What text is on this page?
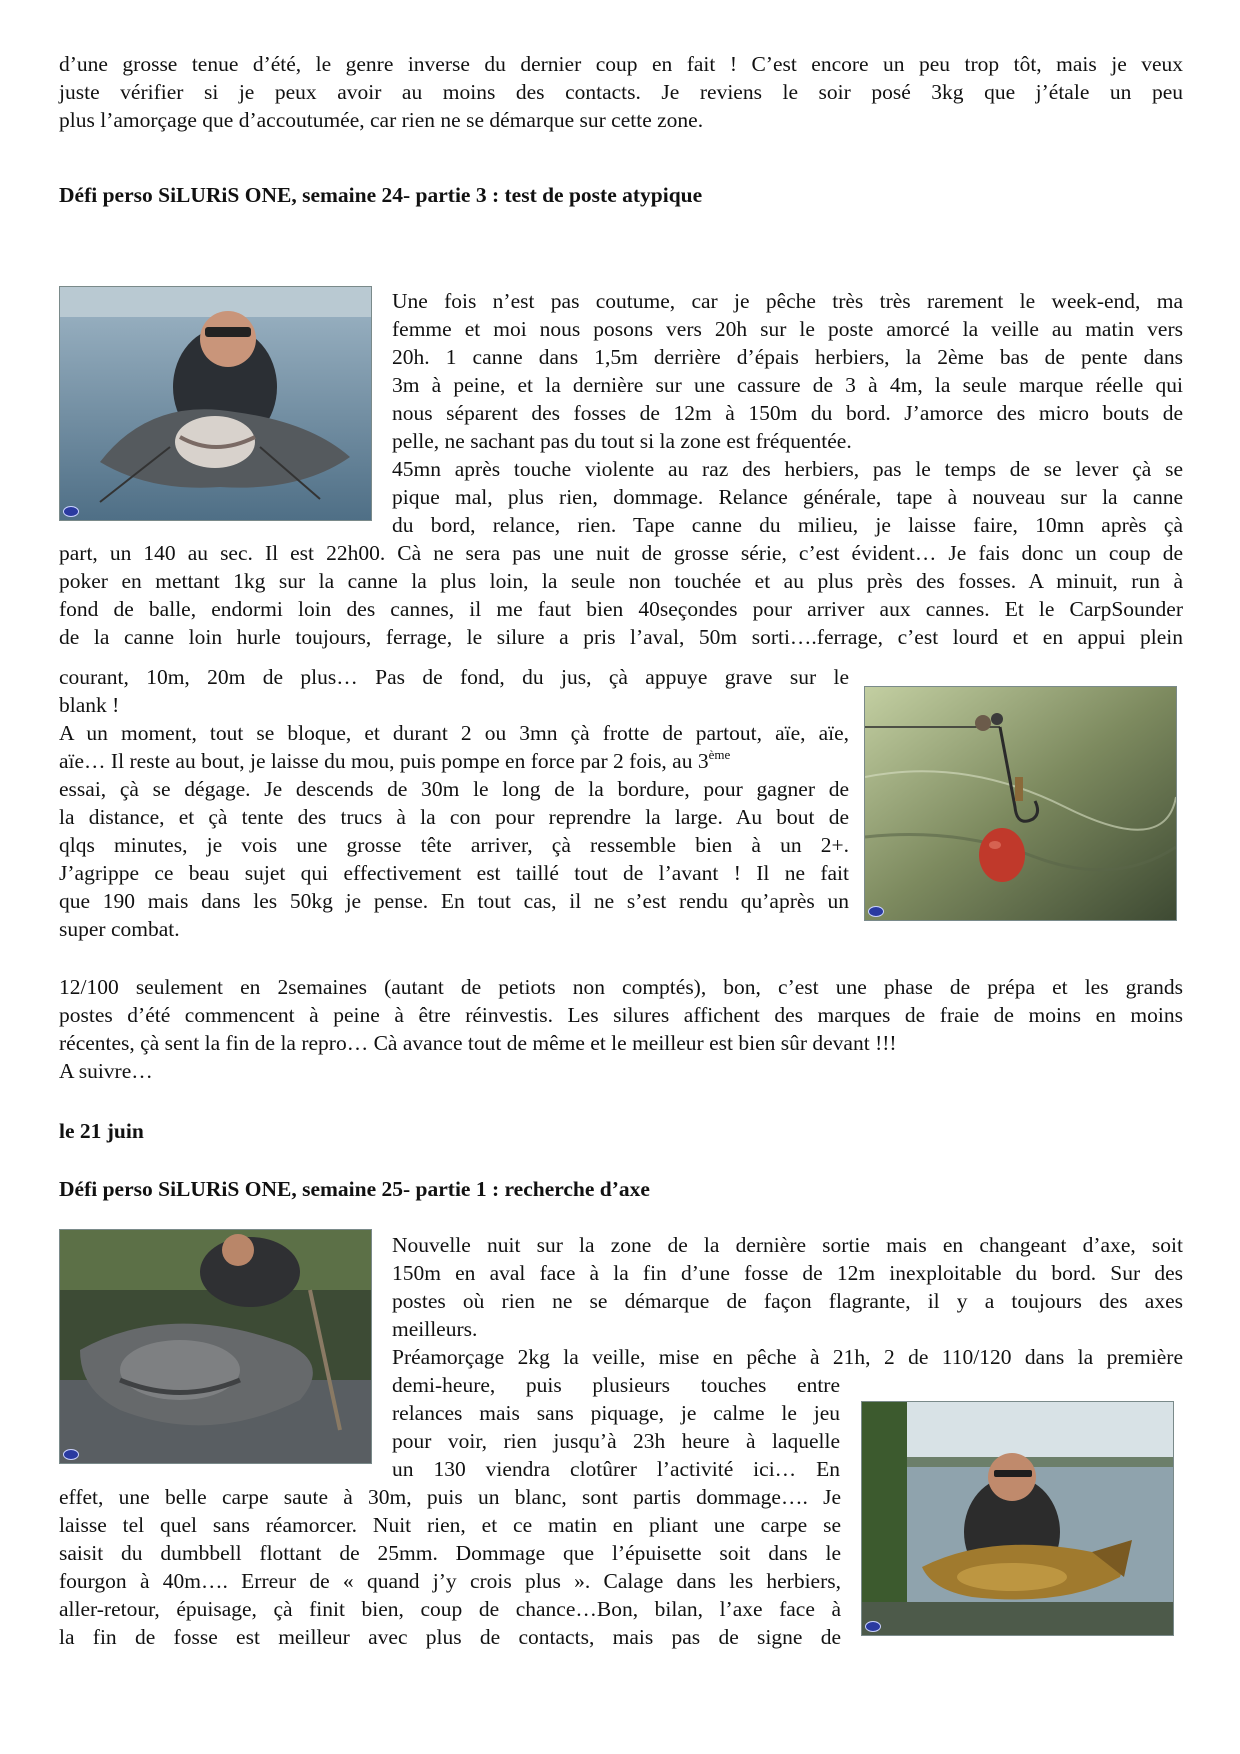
d’une grosse tenue d’été, le genre inverse du dernier coup en fait ! C’est encore un peu trop tôt, mais je veux
juste vérifier si je peux avoir au moins des contacts. Je reviens le soir posé 3kg que j’étale un peu
plus l’amorçage que d’accoutumée, car rien ne se démarque sur cette zone.
Défi perso SiLURiS ONE, semaine 24- partie 3 : test de poste atypique
Une fois n’est pas coutume, car je pêche très très rarement le week-end, ma
femme et moi nous posons vers 20h sur le poste amorcé la veille au matin vers
20h. 1 canne dans 1,5m derrière d’épais herbiers, la 2ème bas de pente dans
3m à peine, et la dernière sur une cassure de 3 à 4m, la seule marque réelle qui
nous séparent des fosses de 12m à 150m du bord. J’amorce des micro bouts de
pelle, ne sachant pas du tout si la zone est fréquentée.
45mn après touche violente au raz des herbiers, pas le temps de se lever çà se
pique mal, plus rien, dommage. Relance générale, tape à nouveau sur la canne
du bord, relance, rien. Tape canne du milieu, je laisse faire, 10mn après çà
part, un 140 au sec. Il est 22h00. Cà ne sera pas une nuit de grosse série, c’est évident… Je fais donc un coup de
poker en mettant 1kg sur la canne la plus loin, la seule non touchée et au plus près des fosses. A minuit, run à
fond de balle, endormi loin des cannes, il me faut bien 40seçondes pour arriver aux cannes. Et le CarpSounder
de la canne loin hurle toujours, ferrage, le silure a pris l’aval, 50m sorti….ferrage, c’est lourd et en appui plein
courant, 10m, 20m de plus… Pas de fond, du jus, çà appuye grave sur le
blank !
A un moment, tout se bloque, et durant 2 ou 3mn çà frotte de partout, aïe, aïe,
aïe… Il reste au bout, je laisse du mou, puis pompe en force par 2 fois, au 3ème
essai, çà se dégage. Je descends de 30m le long de la bordure, pour gagner de
la distance, et çà tente des trucs à la con pour reprendre la large. Au bout de
qlqs minutes, je vois une grosse tête arriver, çà ressemble bien à un 2+.
J’agrippe ce beau sujet qui effectivement est taillé tout de l’avant ! Il ne fait
que 190 mais dans les 50kg je pense. En tout cas, il ne s’est rendu qu’après un
super combat.
12/100 seulement en 2semaines (autant de petiots non comptés), bon, c’est une phase de prépa et les grands
postes d’été commencent à peine à être réinvestis. Les silures affichent des marques de fraie de moins en moins
récentes, çà sent la fin de la repro… Cà avance tout de même et le meilleur est bien sûr devant !!!
A suivre…
le 21 juin
Défi perso SiLURiS ONE, semaine 25- partie 1 : recherche d’axe
Nouvelle nuit sur la zone de la dernière sortie mais en changeant d’axe, soit
150m en aval face à la fin d’une fosse de 12m inexploitable du bord. Sur des
postes où rien ne se démarque de façon flagrante, il y a toujours des axes
meilleurs.
Préamorçage 2kg la veille, mise en pêche à 21h, 2 de 110/120 dans la première
demi-heure, puis plusieurs touches entre
relances mais sans piquage, je calme le jeu
pour voir, rien jusqu’à 23h heure à laquelle
un 130 viendra clotûrer l’activité ici… En
effet, une belle carpe saute à 30m, puis un blanc, sont partis dommage…. Je
laisse tel quel sans réamorcer. Nuit rien, et ce matin en pliant une carpe se
saisit du dumbbell flottant de 25mm. Dommage que l’épuisette soit dans le
fourgon à 40m…. Erreur de « quand j’y crois plus ». Calage dans les herbiers,
aller-retour, épuisage, çà finit bien, coup de chance…Bon, bilan, l’axe face à
la fin de fosse est meilleur avec plus de contacts, mais pas de signe de
